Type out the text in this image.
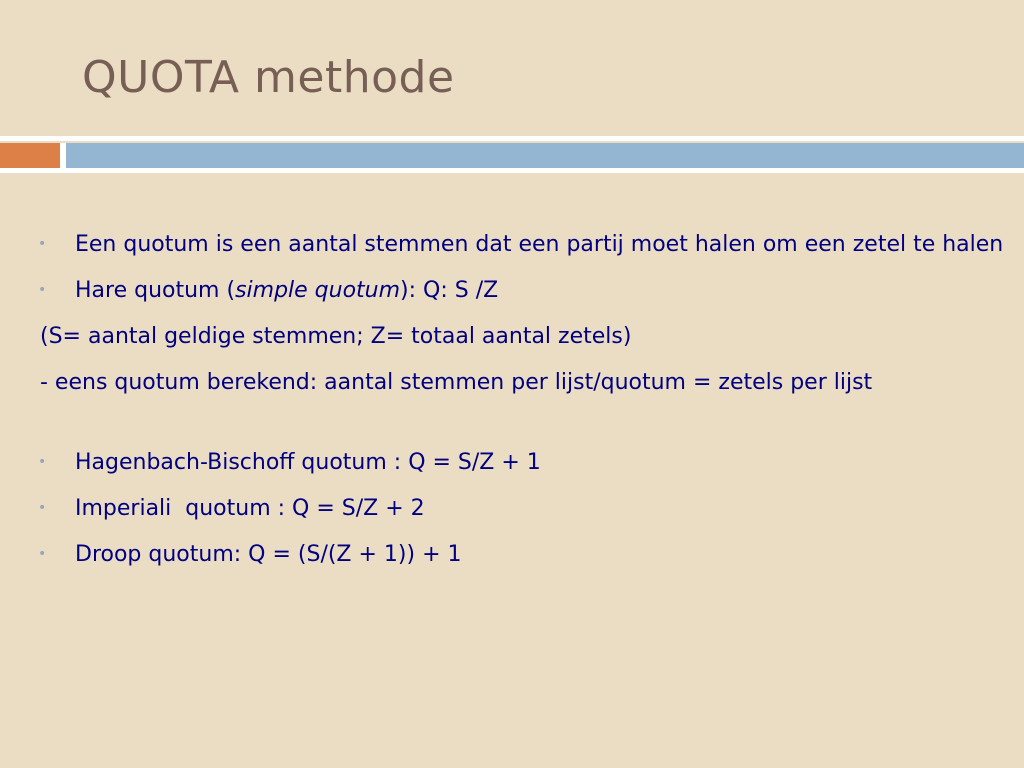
QUOTA methode
• Een quotum is een aantal stemmen dat een partij moet halen om een zetel te halen
• Hare quotum (simple quotum): Q: S /Z
(S= aantal geldige stemmen; Z= totaal aantal zetels)
- eens quotum berekend: aantal stemmen per lijst/quotum = zetels per lijst
• Hagenbach-Bischoff quotum : Q = S/Z + 1
• Imperiali  quotum : Q = S/Z + 2
• Droop quotum: Q = (S/(Z + 1)) + 1
